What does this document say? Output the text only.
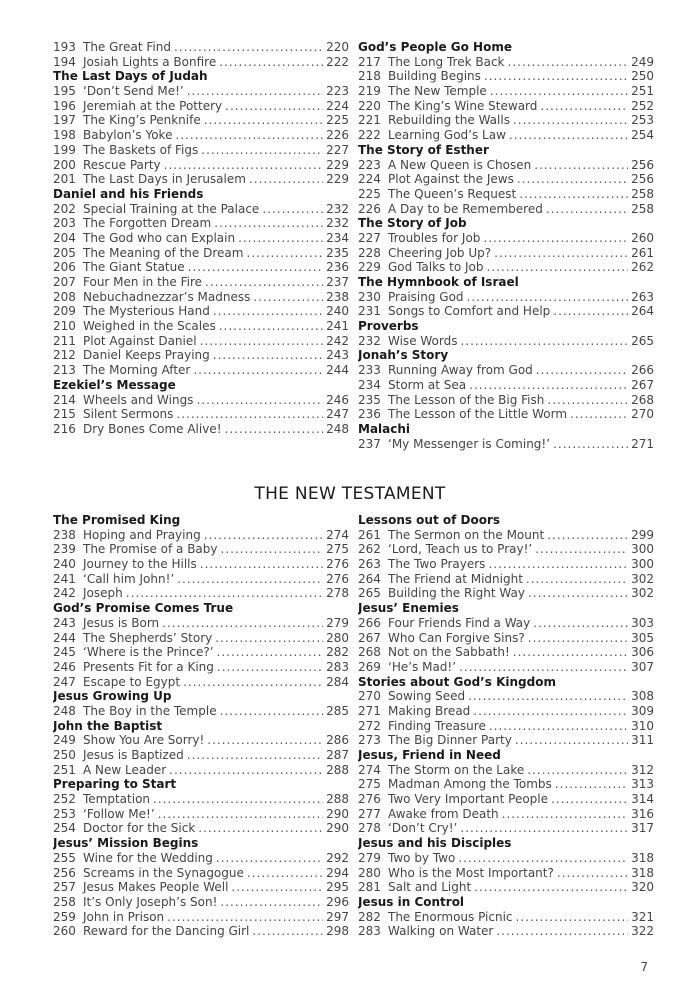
193 The Great Find .....	220
194 Josiah Lights a Bonfire .....	222
The Last Days of Judah
195 ‘Don’t Send Me!’ .....	223
196 Jeremiah at the Pottery .....	224
197 The King’s Penknife .....	225
198 Babylon’s Yoke .....	226
199 The Baskets of Figs .....	227
200 Rescue Party .....	229
201 The Last Days in Jerusalem .....	229
Daniel and his Friends
202 Special Training at the Palace .....	232
203 The Forgotten Dream .....	232
204 The God who can Explain .....	234
205 The Meaning of the Dream .....	235
206 The Giant Statue .....	236
207 Four Men in the Fire .....	237
208 Nebuchadnezzar’s Madness .....	238
209 The Mysterious Hand .....	240
210 Weighed in the Scales .....	241
211 Plot Against Daniel .....	242
212 Daniel Keeps Praying .....	243
213 The Morning After .....	244
Ezekiel’s Message
214 Wheels and Wings .....	246
215 Silent Sermons .....	247
216 Dry Bones Come Alive! .....	248
God’s People Go Home
217 The Long Trek Back .....	249
218 Building Begins .....	250
219 The New Temple .....	251
220 The King’s Wine Steward .....	252
221 Rebuilding the Walls .....	253
222 Learning God’s Law .....	254
The Story of Esther
223 A New Queen is Chosen .....	256
224 Plot Against the Jews .....	256
225 The Queen’s Request .....	258
226 A Day to be Remembered .....	258
The Story of Job
227 Troubles for Job .....	260
228 Cheering Job Up? .....	261
229 God Talks to Job .....	262
The Hymnbook of Israel
230 Praising God .....	263
231 Songs to Comfort and Help .....	264
Proverbs
232 Wise Words .....	265
Jonah’s Story
233 Running Away from God .....	266
234 Storm at Sea .....	267
235 The Lesson of the Big Fish .....	268
236 The Lesson of the Little Worm .....	270
Malachi
237 ‘My Messenger is Coming!’ .....	271
THE NEW TESTAMENT
The Promised King
238 Hoping and Praying .....	274
239 The Promise of a Baby .....	275
240 Journey to the Hills .....	276
241 ‘Call him John!’ .....	276
242 Joseph .....	278
God’s Promise Comes True
243 Jesus is Born .....	279
244 The Shepherds’ Story .....	280
245 ‘Where is the Prince?’ .....	282
246 Presents Fit for a King .....	283
247 Escape to Egypt .....	284
Jesus Growing Up
248 The Boy in the Temple .....	285
John the Baptist
249 Show You Are Sorry! .....	286
250 Jesus is Baptized .....	287
251 A New Leader .....	288
Preparing to Start
252 Temptation .....	288
253 ‘Follow Me!’ .....	290
254 Doctor for the Sick .....	290
Jesus’ Mission Begins
255 Wine for the Wedding .....	292
256 Screams in the Synagogue .....	294
257 Jesus Makes People Well .....	295
258 It’s Only Joseph’s Son! .....	296
259 John in Prison .....	297
260 Reward for the Dancing Girl .....	298
Lessons out of Doors
261 The Sermon on the Mount .....	299
262 ‘Lord, Teach us to Pray!’ .....	300
263 The Two Prayers .....	300
264 The Friend at Midnight .....	302
265 Building the Right Way .....	302
Jesus’ Enemies
266 Four Friends Find a Way .....	303
267 Who Can Forgive Sins? .....	305
268 Not on the Sabbath! .....	306
269 ‘He’s Mad!’ .....	307
Stories about God’s Kingdom
270 Sowing Seed .....	308
271 Making Bread .....	309
272 Finding Treasure .....	310
273 The Big Dinner Party .....	311
Jesus, Friend in Need
274 The Storm on the Lake .....	312
275 Madman Among the Tombs .....	313
276 Two Very Important People .....	314
277 Awake from Death .....	316
278 ‘Don’t Cry!’ .....	317
Jesus and his Disciples
279 Two by Two .....	318
280 Who is the Most Important? .....	318
281 Salt and Light .....	320
Jesus in Control
282 The Enormous Picnic .....	321
283 Walking on Water .....	322
7
